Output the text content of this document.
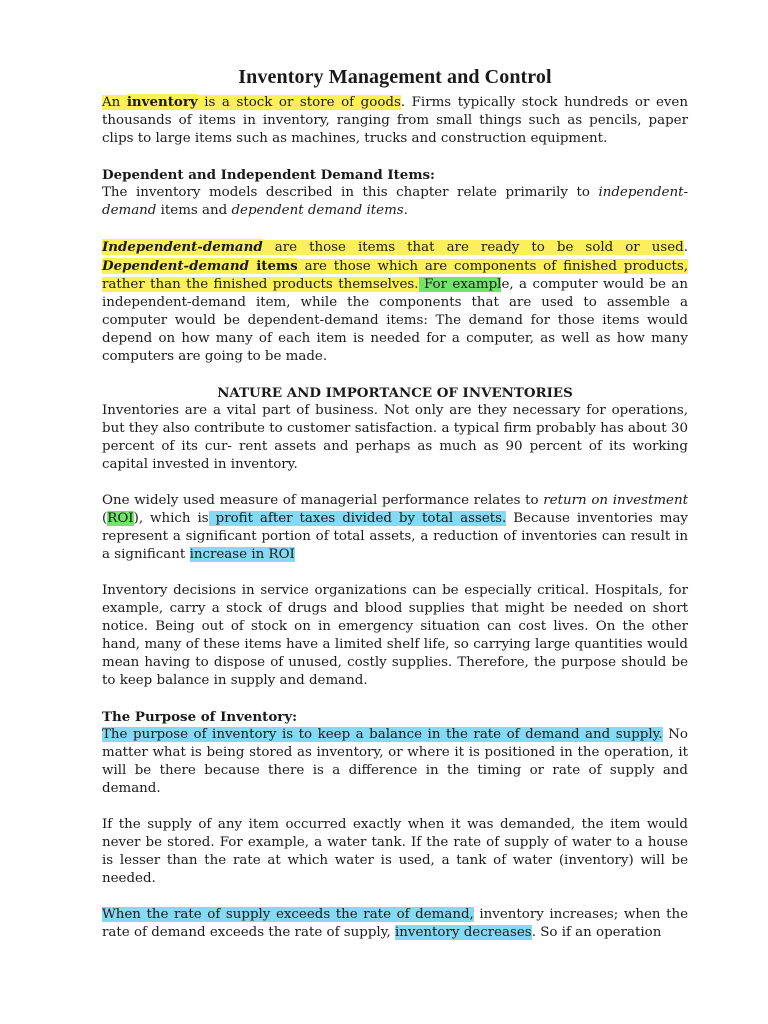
Inventory Management and Control

An inventory is a stock or store of goods. Firms typically stock hundreds or even thousands of items in inventory, ranging from small things such as pencils, paper clips to large items such as machines, trucks and construction equipment.

Dependent and Independent Demand Items:

The inventory models described in this chapter relate primarily to independent-demand items and dependent demand items.

Independent-demand are those items that are ready to be sold or used. Dependent-demand items are those which are components of finished products, rather than the finished products themselves. For example, a computer would be an independent-demand item, while the components that are used to assemble a computer would be dependent-demand items: The demand for those items would depend on how many of each item is needed for a computer, as well as how many computers are going to be made.

NATURE AND IMPORTANCE OF INVENTORIES

Inventories are a vital part of business. Not only are they necessary for operations, but they also contribute to customer satisfaction. a typical firm probably has about 30 percent of its cur- rent assets and perhaps as much as 90 percent of its working capital invested in inventory.

One widely used measure of managerial performance relates to return on investment (ROI), which is profit after taxes divided by total assets. Because inventories may represent a significant portion of total assets, a reduction of inventories can result in a significant increase in ROI

Inventory decisions in service organizations can be especially critical. Hospitals, for example, carry a stock of drugs and blood supplies that might be needed on short notice. Being out of stock on in emergency situation can cost lives. On the other hand, many of these items have a limited shelf life, so carrying large quantities would mean having to dispose of unused, costly supplies. Therefore, the purpose should be to keep balance in supply and demand.

The Purpose of Inventory:

The purpose of inventory is to keep a balance in the rate of demand and supply. No matter what is being stored as inventory, or where it is positioned in the operation, it will be there because there is a difference in the timing or rate of supply and demand.

If the supply of any item occurred exactly when it was demanded, the item would never be stored. For example, a water tank. If the rate of supply of water to a house is lesser than the rate at which water is used, a tank of water (inventory) will be needed.

When the rate of supply exceeds the rate of demand, inventory increases; when the rate of demand exceeds the rate of supply, inventory decreases. So if an operation
